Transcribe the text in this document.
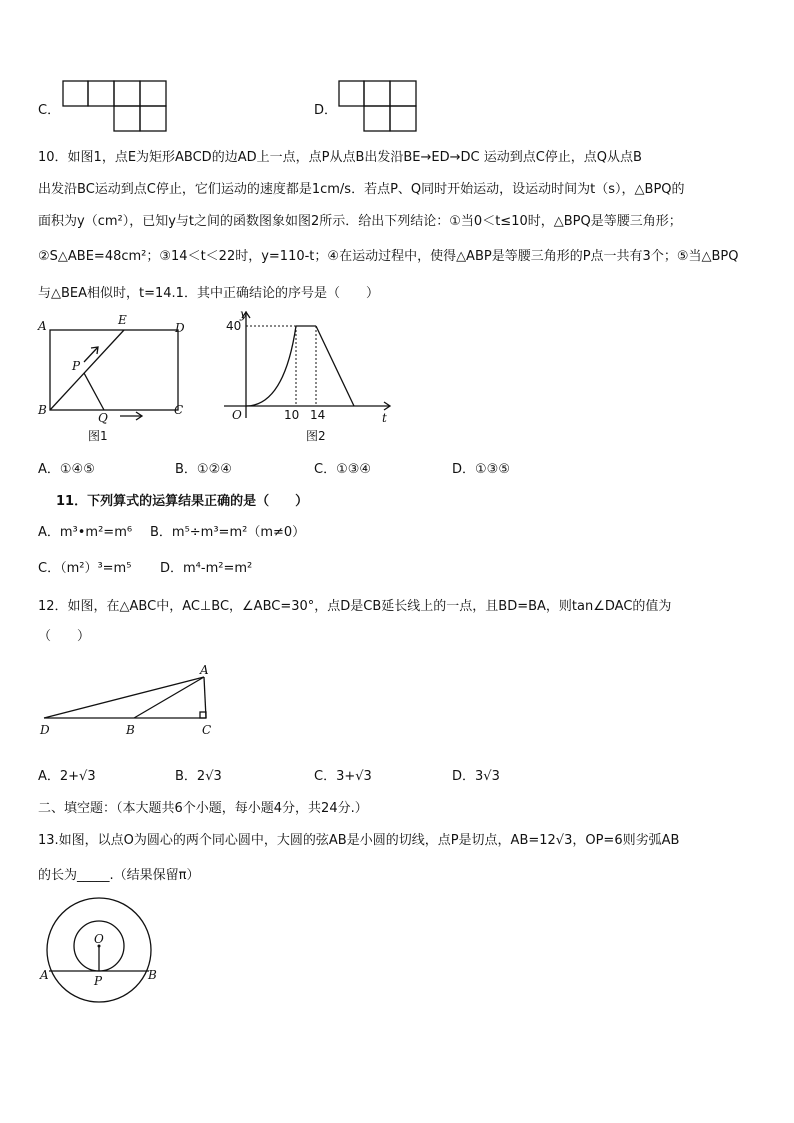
C．	D．
10．如图1，点E为矩形ABCD的边AD上一点，点P从点B出发沿BE→ED→DC 运动到点C停止，点Q从点B
出发沿BC运动到点C停止，它们运动的速度都是1cm/s．若点P、Q同时开始运动，设运动时间为t（s），△BPQ的
面积为y（cm²），已知y与t之间的函数图象如图2所示．给出下列结论：①当0＜t≤10时，△BPQ是等腰三角形；
②S△ABE=48cm²；③14＜t＜22时，y=110-t；④在运动过程中，使得△ABP是等腰三角形的P点一共有3个；⑤当△BPQ
与△BEA相似时，t=14.1．其中正确结论的序号是（　　）
A	E
D
P
B
Q
C
图1
y
t
O
40
10 14
图2
A．①④⑤	B．①②④	C．①③④	D．①③⑤
11．下列算式的运算结果正确的是（　　）
A．m³•m²=m⁶ B．m⁵÷m³=m²（m≠0）
C．（m²）³=m⁵ D．m⁴-m²=m²
12．如图，在△ABC中，AC⊥BC，∠ABC=30°，点D是CB延长线上的一点，且BD=BA，则tan∠DAC的值为
（　　）
A
D	B	C
A．2+√3	B．2√3	C．3+√3	D．3√3
二、填空题：（本大题共6个小题，每小题4分，共24分.）
13.如图，以点O为圆心的两个同心圆中，大圆的弦AB是小圆的切线，点P是切点，AB=12√3，OP=6则劣弧AB
的长为_____.（结果保留π）
O
A	P	B
